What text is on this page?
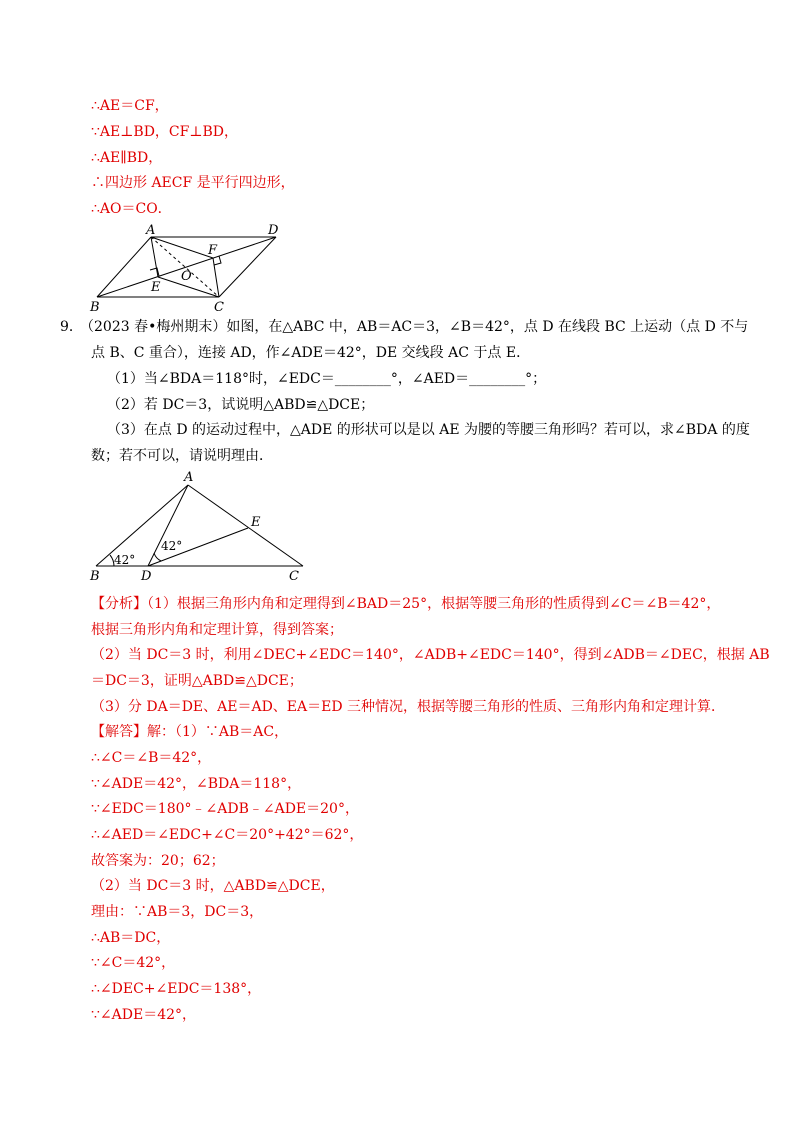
∴AE＝CF，
∵AE⊥BD，CF⊥BD，
∴AE∥BD，
∴四边形 AECF 是平行四边形，
∴AO＝CO．
A	D
F
O
E
B	C
9．
（2023 春•梅州期末）如图，在△ABC 中，AB＝AC＝3，∠B＝42°，点 D 在线段 BC 上运动（点 D 不与
点 B、C 重合），连接 AD，作∠ADE＝42°，DE 交线段 AC 于点 E．
（1）当∠BDA＝118°时，∠EDC＝________°，∠AED＝________°；
（2）若 DC＝3，试说明△ABD≌△DCE；
（3）在点 D 的运动过程中，△ADE 的形状可以是以 AE 为腰的等腰三角形吗？若可以，求∠BDA 的度
数；若不可以，请说明理由．
A
E
B	D	C
42°
42°
【分析】（1）根据三角形内角和定理得到∠BAD＝25°，根据等腰三角形的性质得到∠C＝∠B＝42°，
根据三角形内角和定理计算，得到答案；
（2）当 DC＝3 时，利用∠DEC+∠EDC＝140°，∠ADB+∠EDC＝140°，得到∠ADB＝∠DEC，根据 AB
＝DC＝3，证明△ABD≌△DCE；
（3）分 DA＝DE、AE＝AD、EA＝ED 三种情况，根据等腰三角形的性质、三角形内角和定理计算．
【解答】解：（1）∵AB＝AC，
∴∠C＝∠B＝42°，
∵∠ADE＝42°，∠BDA＝118°，
∵∠EDC＝180°﹣∠ADB﹣∠ADE＝20°，
∴∠AED＝∠EDC+∠C＝20°+42°＝62°，
故答案为：20；62；
（2）当 DC＝3 时，△ABD≌△DCE，
理由：∵AB＝3，DC＝3，
∴AB＝DC，
∵∠C＝42°，
∴∠DEC+∠EDC＝138°，
∵∠ADE＝42°，
